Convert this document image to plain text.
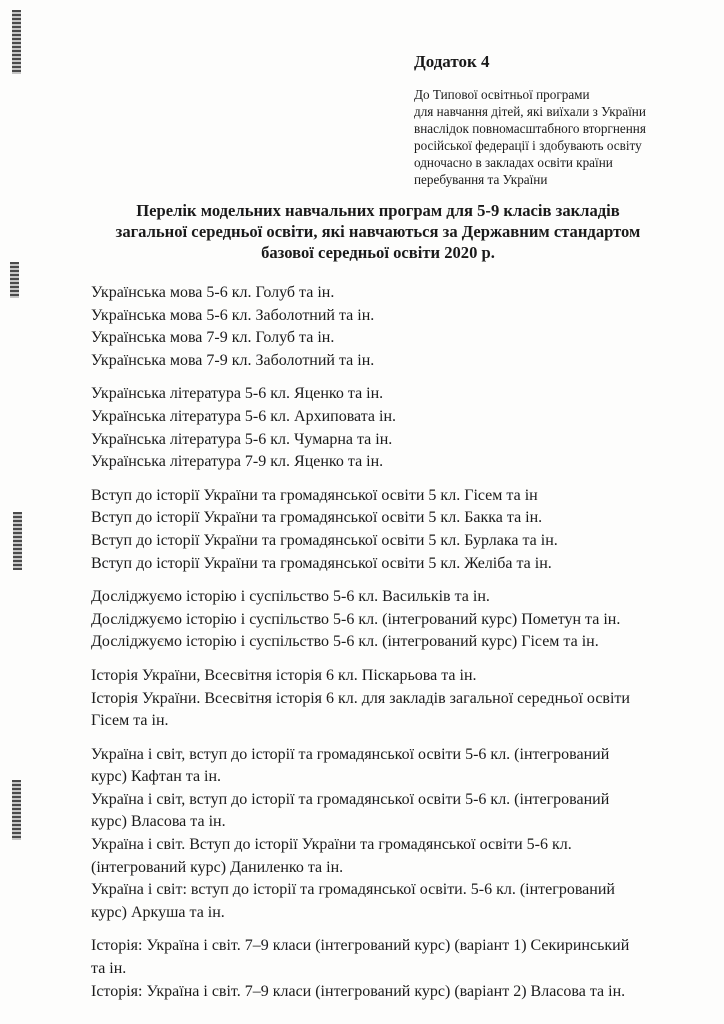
Додаток 4
До Типової освітньої програми
для навчання дітей, які виїхали з України
внаслідок повномасштабного вторгнення
російської федерації і здобувають освіту
одночасно в закладах освіти країни
перебування та України
Перелік модельних навчальних програм для 5-9 класів закладів
загальної середньої освіти, які навчаються за Державним стандартом
базової середньої освіти 2020 р.
Українська мова 5-6 кл. Голуб та ін.
Українська мова 5-6 кл. Заболотний та ін.
Українська мова 7-9 кл. Голуб та ін.
Українська мова 7-9 кл. Заболотний та ін.
Українська література 5-6 кл. Яценко та ін.
Українська література 5-6 кл. Архиповата ін.
Українська література 5-6 кл. Чумарна та ін.
Українська література 7-9 кл. Яценко та ін.
Вступ до історії України та громадянської освіти 5 кл. Гісем та ін
Вступ до історії України та громадянської освіти 5 кл. Бакка та ін.
Вступ до історії України та громадянської освіти 5 кл. Бурлака та ін.
Вступ до історії України та громадянської освіти 5 кл. Желіба та ін.
Досліджуємо історію і суспільство 5-6 кл. Васильків та ін.
Досліджуємо історію і суспільство 5-6 кл. (інтегрований курс) Пометун та ін.
Досліджуємо історію і суспільство 5-6 кл. (інтегрований курс) Гісем та ін.
Історія України, Всесвітня історія 6 кл. Піскарьова та ін.
Історія України. Всесвітня історія 6 кл. для закладів загальної середньої освіти
Гісем та ін.
Україна і світ, вступ до історії та громадянської освіти 5-6 кл. (інтегрований
курс) Кафтан та ін.
Україна і світ, вступ до історії та громадянської освіти 5-6 кл. (інтегрований
курс) Власова та ін.
Україна і світ. Вступ до історії України та громадянської освіти 5-6 кл.
(інтегрований курс) Даниленко та ін.
Україна і світ: вступ до історії та громадянської освіти. 5-6 кл. (інтегрований
курс) Аркуша та ін.
Історія: Україна і світ. 7–9 класи (інтегрований курс) (варіант 1) Секиринський
та ін.
Історія: Україна і світ. 7–9 класи (інтегрований курс) (варіант 2) Власова та ін.
